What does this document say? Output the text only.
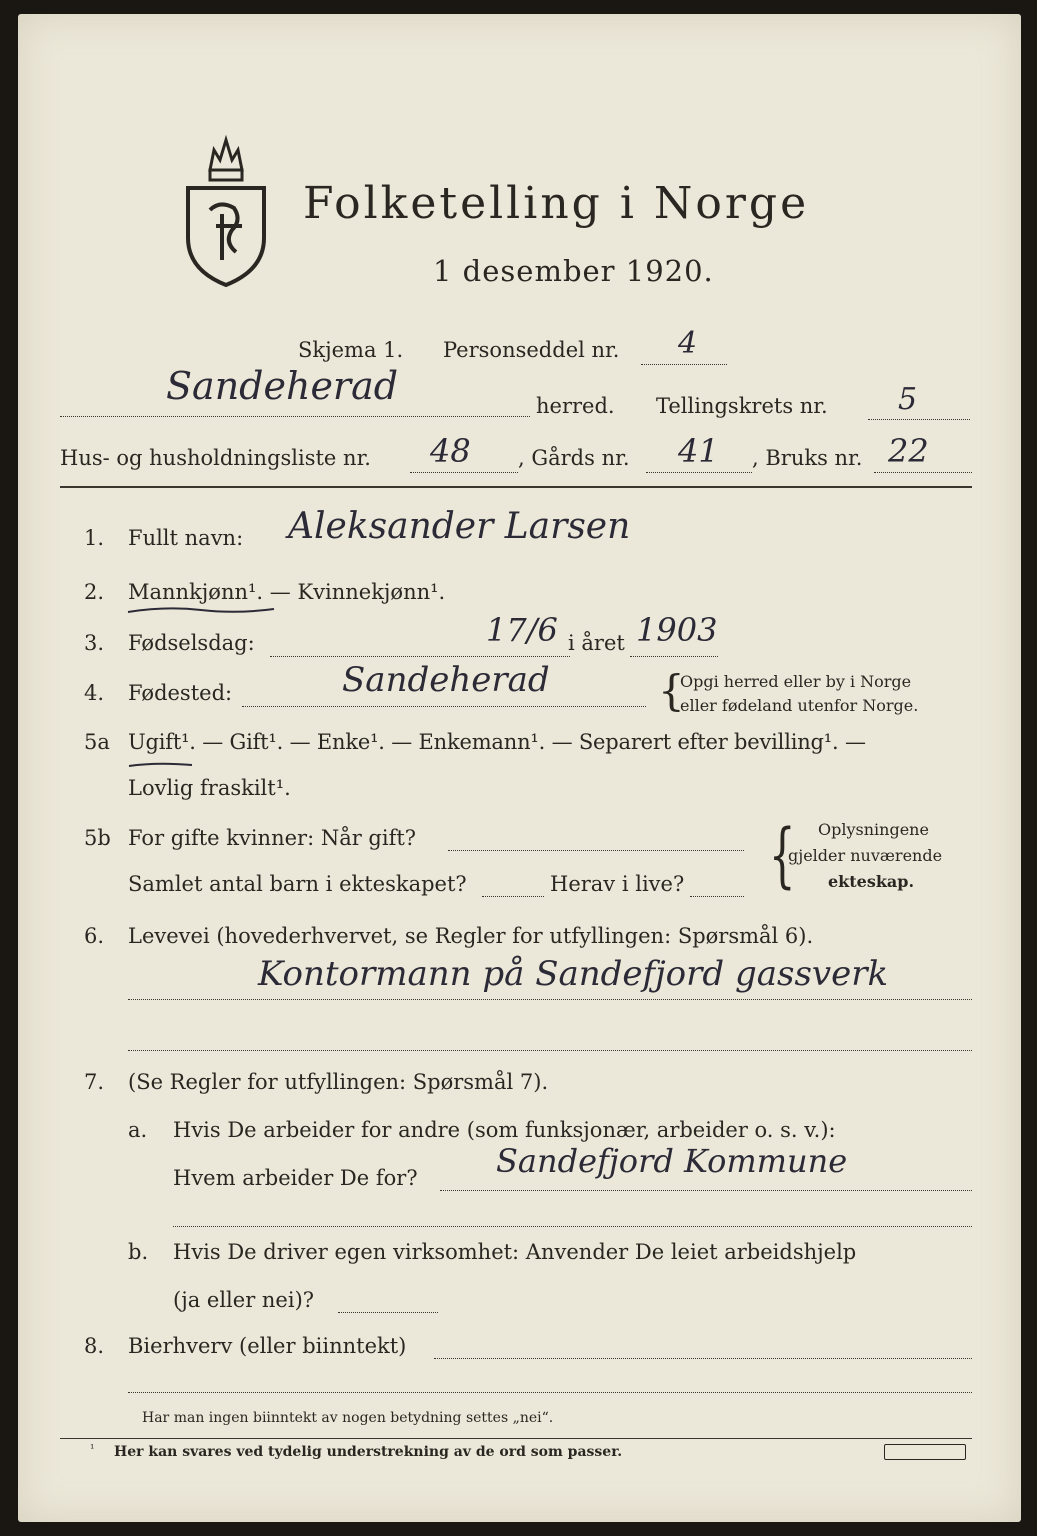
Folketelling i Norge
1 desember 1920.
Skjema 1. Personseddel nr. 4
Sandeherad	herred. Tellingskrets nr. 5
Hus- og husholdningsliste nr. 48 , Gårds nr. 41 , Bruks nr. 22
1. Fullt navn: Aleksander Larsen
2. Mannkjønn¹. — Kvinnekjønn¹.
3. Fødselsdag:	17/6 i året 1903
4. Fødested:	Sandeherad	{
Opgi herred eller by i Norge
eller fødeland utenfor Norge.
5a Ugift¹. — Gift¹. — Enke¹. — Enkemann¹. — Separert efter bevilling¹. —
Lovlig fraskilt¹.
5b For gifte kvinner: Når gift?
Samlet antal barn i ekteskapet?	Herav i live? { Oplysningene
gjelder nuværende
ekteskap.
6. Levevei (hovederhvervet, se Regler for utfyllingen: Spørsmål 6).
Kontormann på Sandefjord gassverk
7. (Se Regler for utfyllingen: Spørsmål 7).
a. Hvis De arbeider for andre (som funksjonær, arbeider o. s. v.):
Hvem arbeider De for? Sandefjord Kommune
b. Hvis De driver egen virksomhet: Anvender De leiet arbeidshjelp
(ja eller nei)?
8. Bierhverv (eller biinntekt)
Har man ingen biinntekt av nogen betydning settes „nei“.
¹ Her kan svares ved tydelig understrekning av de ord som passer.
